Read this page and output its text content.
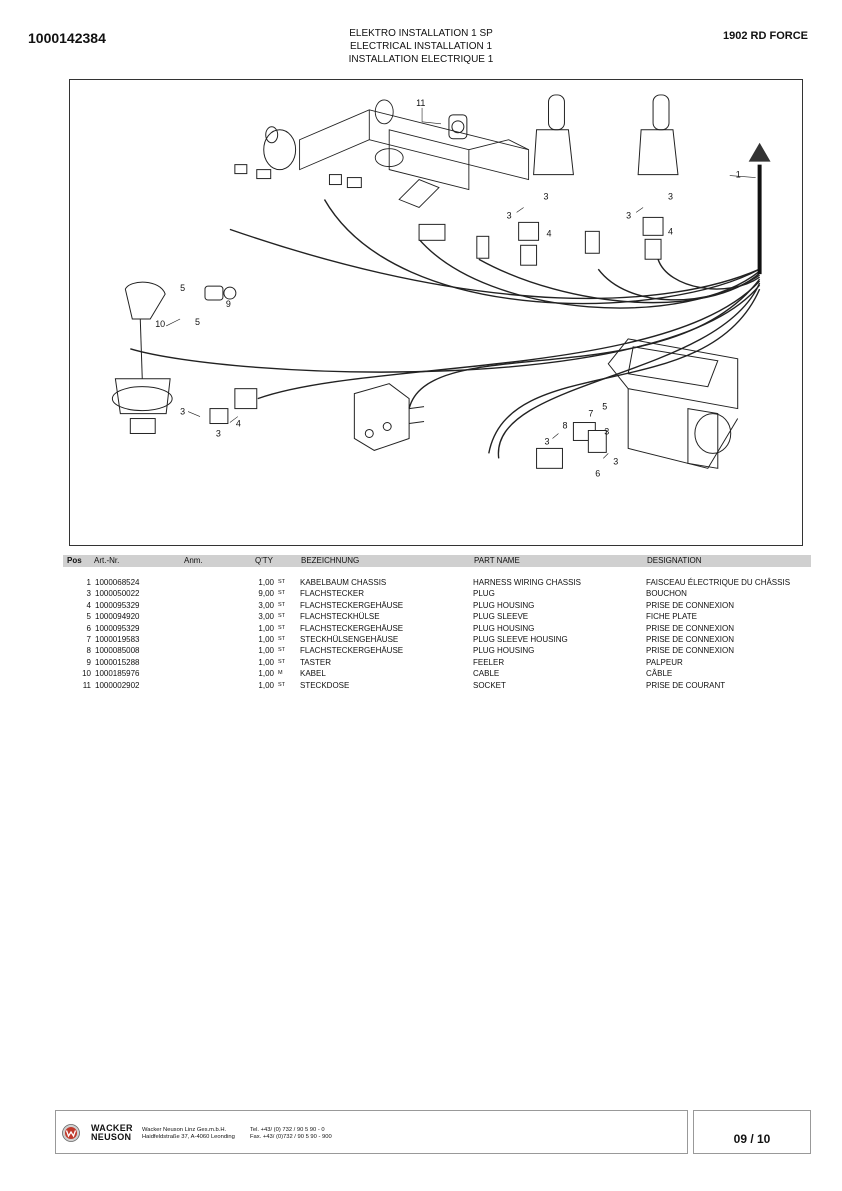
1000142384	ELEKTRO INSTALLATION 1 SP
ELECTRICAL INSTALLATION 1
INSTALLATION ELECTRIQUE 1
1902 RD FORCE
11
1
3
3
4
3
3
4
5
9
10	5
3
4
3
5
7
8
3
3
3
6
Pos Art.-Nr.	Anm.	Q'TY	BEZEICHNUNG	PART NAME	DESIGNATION
1 1000068524	1,00 ST KABELBAUM CHASSIS	HARNESS WIRING CHASSIS	FAISCEAU ÉLECTRIQUE DU CHÂSSIS
3 1000050022	9,00 ST FLACHSTECKER	PLUG	BOUCHON
4 1000095329	3,00 ST FLACHSTECKERGEHÄUSE	PLUG HOUSING	PRISE DE CONNEXION
5 1000094920	3,00 ST FLACHSTECKHÜLSE	PLUG SLEEVE	FICHE PLATE
6 1000095329	1,00 ST FLACHSTECKERGEHÄUSE	PLUG HOUSING	PRISE DE CONNEXION
7 1000019583	1,00 ST STECKHÜLSENGEHÄUSE	PLUG SLEEVE HOUSING	PRISE DE CONNEXION
8 1000085008	1,00 ST FLACHSTECKERGEHÄUSE	PLUG HOUSING	PRISE DE CONNEXION
9 1000015288	1,00 ST TASTER	FEELER	PALPEUR
10 1000185976	1,00 M KABEL	CABLE	CÂBLE
11 1000002902	1,00 ST STECKDOSE	SOCKET	PRISE DE COURANT
WACKER
NEUSON
Wacker Neuson Linz Ges.m.b.H.
Haidfeldstraße 37, A-4060 Leonding
Tel. +43/ (0) 732 / 90 5 90 - 0
Fax. +43/ (0)732 / 90 5 90 - 900	09 / 10
